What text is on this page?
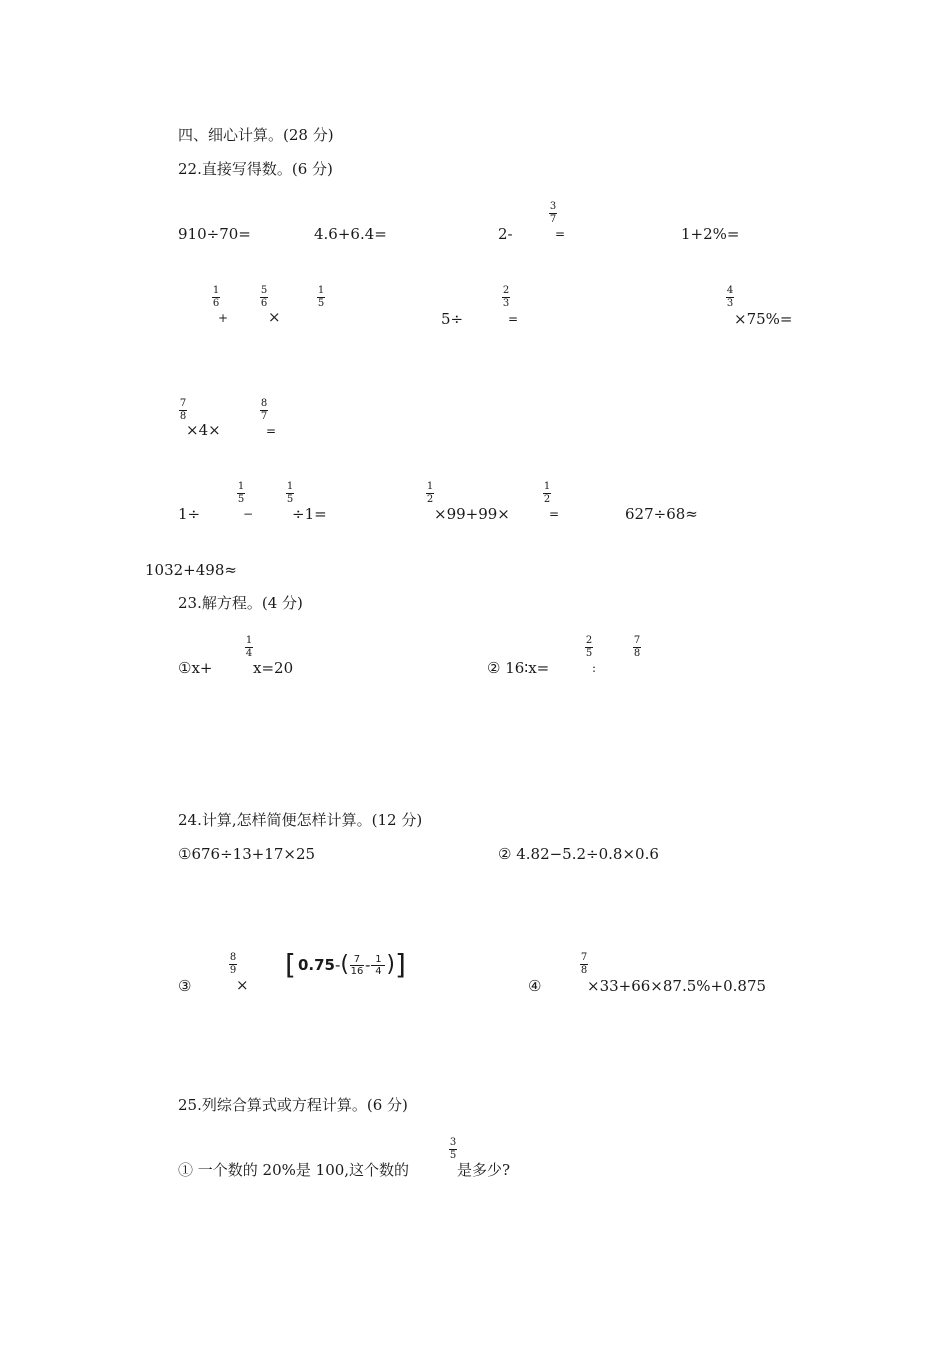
四、细心计算。(28 分)
22.直接写得数。(6 分)
910÷70=	4.6+6.4=	2-
3
7
=	1+2%=
1
6
+
5
6
×
1
5
5÷
2
3
=
4
3
×75%=
7
8
×4×
8
7
=
1÷
1
5
−
1
5
÷1=
1
2
×99+99×
1
2
=	627÷68≈
1032+498≈
23.解方程。(4 分)
①x+
1
4
x=20	② 16∶x=
2
5
:
7
8
24.计算,怎样简便怎样计算。(12 分)
①676÷13+17×25	② 4.82−5.2÷0.8×0.6
③
8
9
×
[ 0.75 - ( 7
16 - 1
4 ) ]
④
7
8
×33+66×87.5%+0.875
25.列综合算式或方程计算。(6 分)
① 一个数的 20%是 100,这个数的
3
5
是多少?
